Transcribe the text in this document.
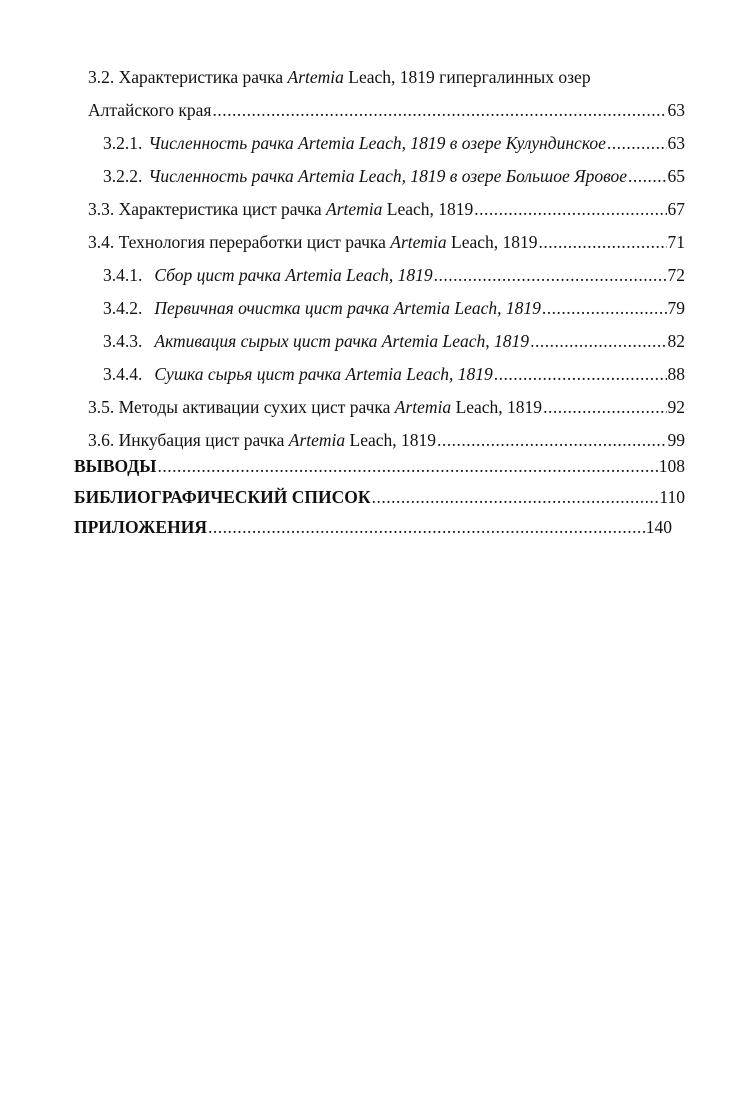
3.2. Характеристика рачка Artemia Leach, 1819 гипергалинных озер
Алтайского края .....	63
3.2.1. Численность рачка Artemia Leach, 1819 в озере Кулундинское .....	63
3.2.2. Численность рачка Artemia Leach, 1819 в озере Большое Яровое ..... 65
3.3. Характеристика цист рачка Artemia Leach, 1819 .....	67
3.4. Технология переработки цист рачка Artemia Leach, 1819 .....	71
3.4.1. Сбор цист рачка Artemia Leach, 1819 .....	72
3.4.2. Первичная очистка цист рачка Artemia Leach, 1819 .....	79
3.4.3. Активация сырых цист рачка Artemia Leach, 1819 .....	82
3.4.4. Сушка сырья цист рачка Artemia Leach, 1819 .....	88
3.5. Методы активации сухих цист рачка Artemia Leach, 1819 .....	92
3.6. Инкубация цист рачка Artemia Leach, 1819 .....	99
ВЫВОДЫ .....	108
БИБЛИОГРАФИЧЕСКИЙ СПИСОК .....	110
ПРИЛОЖЕНИЯ .....	140
